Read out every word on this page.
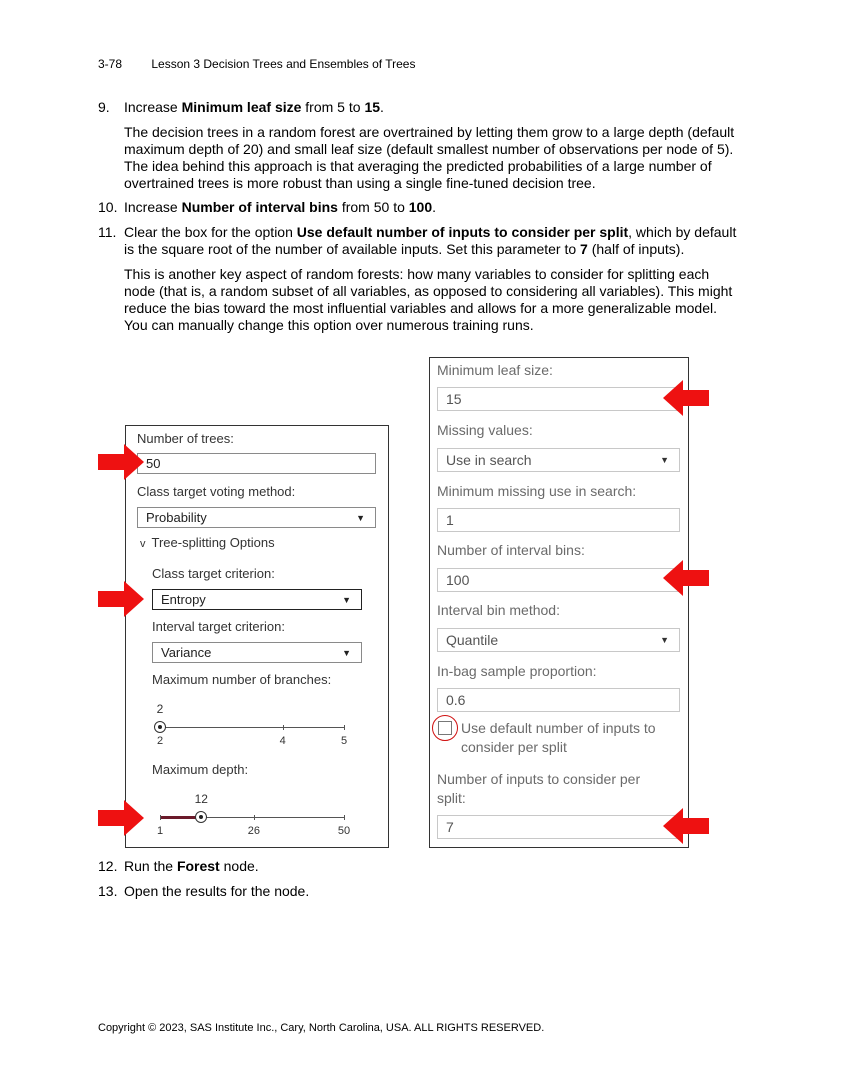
3-78 Lesson 3 Decision Trees and Ensembles of Trees
9. Increase Minimum leaf size from 5 to 15.
The decision trees in a random forest are overtrained by letting them grow to a large depth (default maximum depth of 20) and small leaf size (default smallest number of observations per node of 5). The idea behind this approach is that averaging the predicted probabilities of a large number of overtrained trees is more robust than using a single fine-tuned decision tree.
10. Increase Number of interval bins from 50 to 100.
11. Clear the box for the option Use default number of inputs to consider per split, which by default is the square root of the number of available inputs. Set this parameter to 7 (half of inputs).
This is another key aspect of random forests: how many variables to consider for splitting each node (that is, a random subset of all variables, as opposed to considering all variables). This might reduce the bias toward the most influential variables and allows for a more generalizable model. You can manually change this option over numerous training runs.
Number of trees:
50
Class target voting method:
Probability	▼
v Tree-splitting Options
Class target criterion:
Entropy	▼
Interval target criterion:
Variance	▼
Maximum number of branches:
2
2	4	5
Maximum depth:
12
1	26	50
Minimum leaf size:
15
Missing values:
Use in search	▼
Minimum missing use in search:
1
Number of interval bins:
100
Interval bin method:
Quantile	▼
In-bag sample proportion:
0.6
Use default number of inputs to
consider per split
Number of inputs to consider per
split:
7
12. Run the Forest node.
13. Open the results for the node.
Copyright © 2023, SAS Institute Inc., Cary, North Carolina, USA. ALL RIGHTS RESERVED.
